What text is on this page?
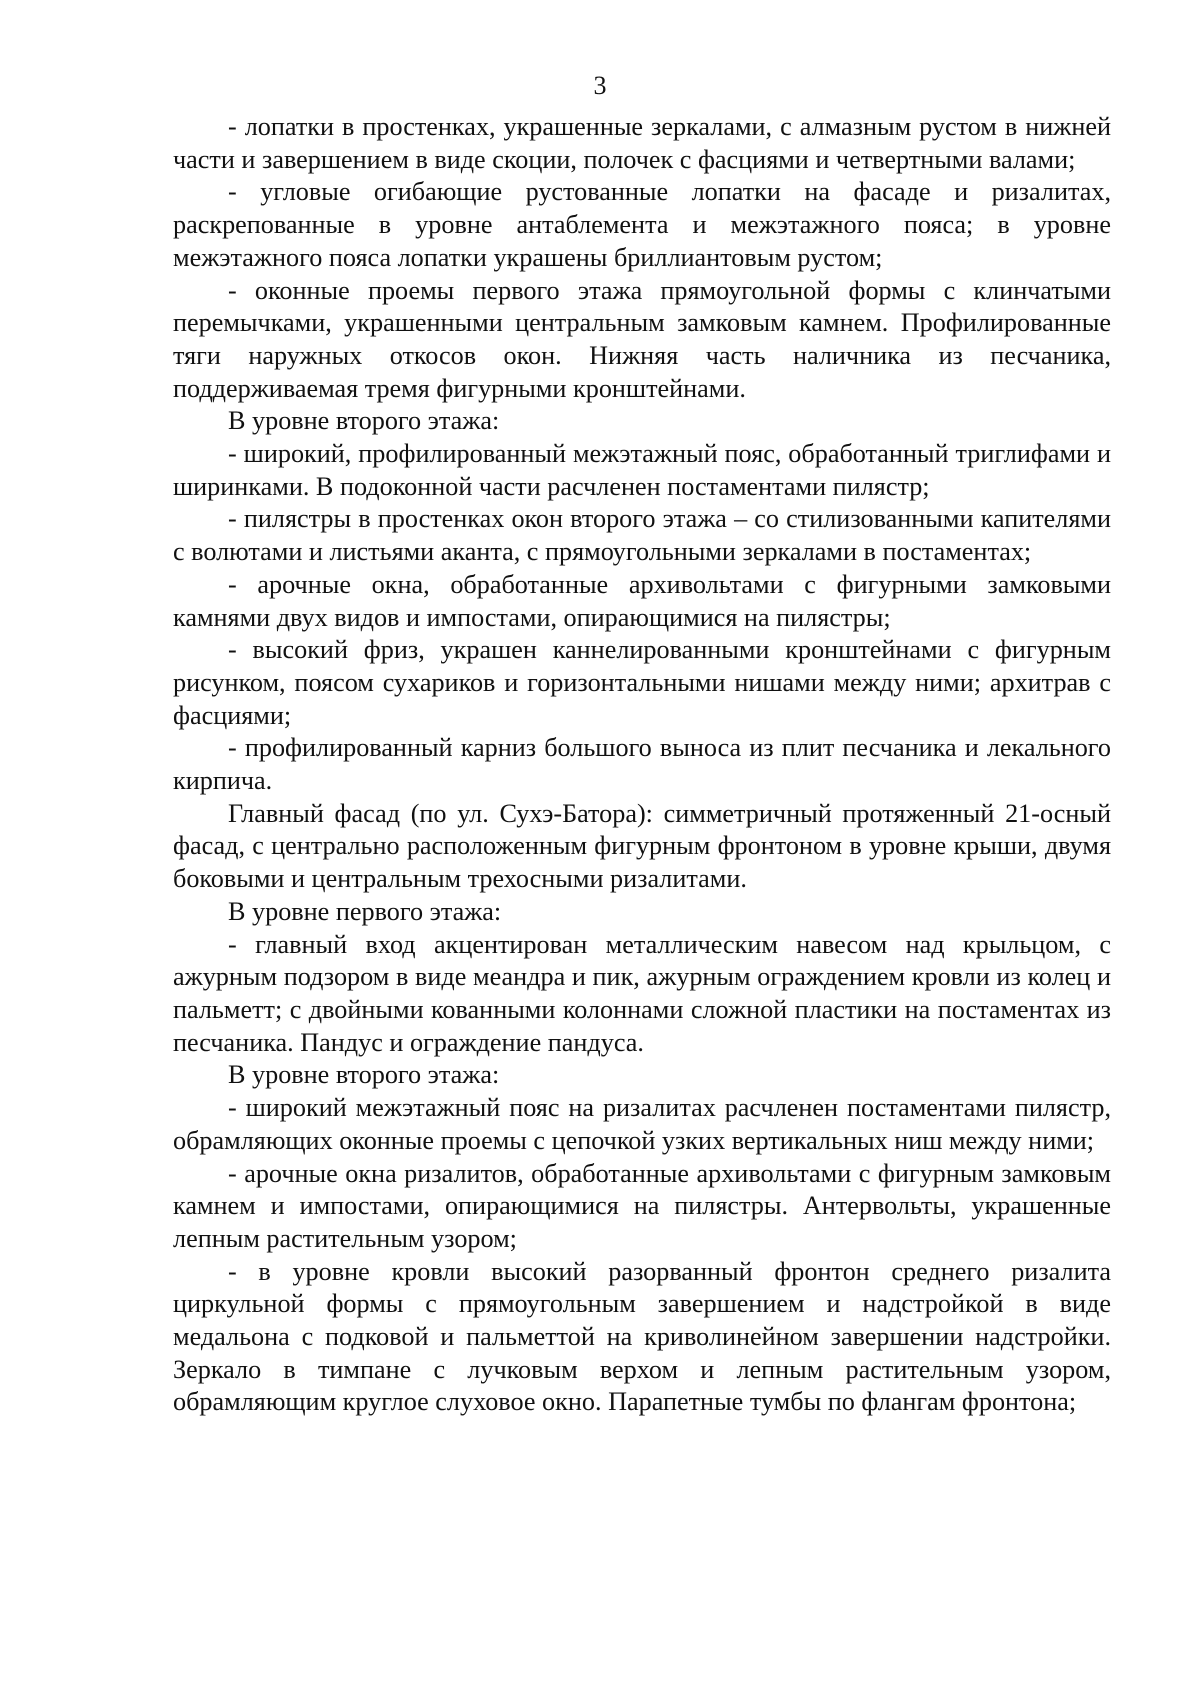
3

- лопатки в простенках, украшенные зеркалами, с алмазным рустом в нижней части и завершением в виде скоции, полочек с фасциями и четвертными валами;

- угловые огибающие рустованные лопатки на фасаде и ризалитах, раскрепованные в уровне антаблемента и межэтажного пояса; в уровне межэтажного пояса лопатки украшены бриллиантовым рустом;

- оконные проемы первого этажа прямоугольной формы с клинчатыми перемычками, украшенными центральным замковым камнем. Профилированные тяги наружных откосов окон. Нижняя часть наличника из песчаника, поддерживаемая тремя фигурными кронштейнами.

В уровне второго этажа:

- широкий, профилированный межэтажный пояс, обработанный триглифами и ширинками. В подоконной части расчленен постаментами пилястр;

- пилястры в простенках окон второго этажа – со стилизованными капителями с волютами и листьями аканта, с прямоугольными зеркалами в постаментах;

- арочные окна, обработанные архивольтами с фигурными замковыми камнями двух видов и импостами, опирающимися на пилястры;

- высокий фриз, украшен каннелированными кронштейнами с фигурным рисунком, поясом сухариков и горизонтальными нишами между ними; архитрав с фасциями;

- профилированный карниз большого выноса из плит песчаника и лекального кирпича.

Главный фасад (по ул. Сухэ-Батора): симметричный протяженный 21-осный фасад, с центрально расположенным фигурным фронтоном в уровне крыши, двумя боковыми и центральным трехосными ризалитами.

В уровне первого этажа:

- главный вход акцентирован металлическим навесом над крыльцом, с ажурным подзором в виде меандра и пик, ажурным ограждением кровли из колец и пальметт; с двойными кованными колоннами сложной пластики на постаментах из песчаника. Пандус и ограждение пандуса.

В уровне второго этажа:

- широкий межэтажный пояс на ризалитах расчленен постаментами пилястр, обрамляющих оконные проемы с цепочкой узких вертикальных ниш между ними;

- арочные окна ризалитов, обработанные архивольтами с фигурным замковым камнем и импостами, опирающимися на пилястры. Антервольты, украшенные лепным растительным узором;

- в уровне кровли высокий разорванный фронтон среднего ризалита циркульной формы с прямоугольным завершением и надстройкой в виде медальона с подковой и пальметтой на криволинейном завершении надстройки. Зеркало в тимпане с лучковым верхом и лепным растительным узором, обрамляющим круглое слуховое окно. Парапетные тумбы по флангам фронтона;
